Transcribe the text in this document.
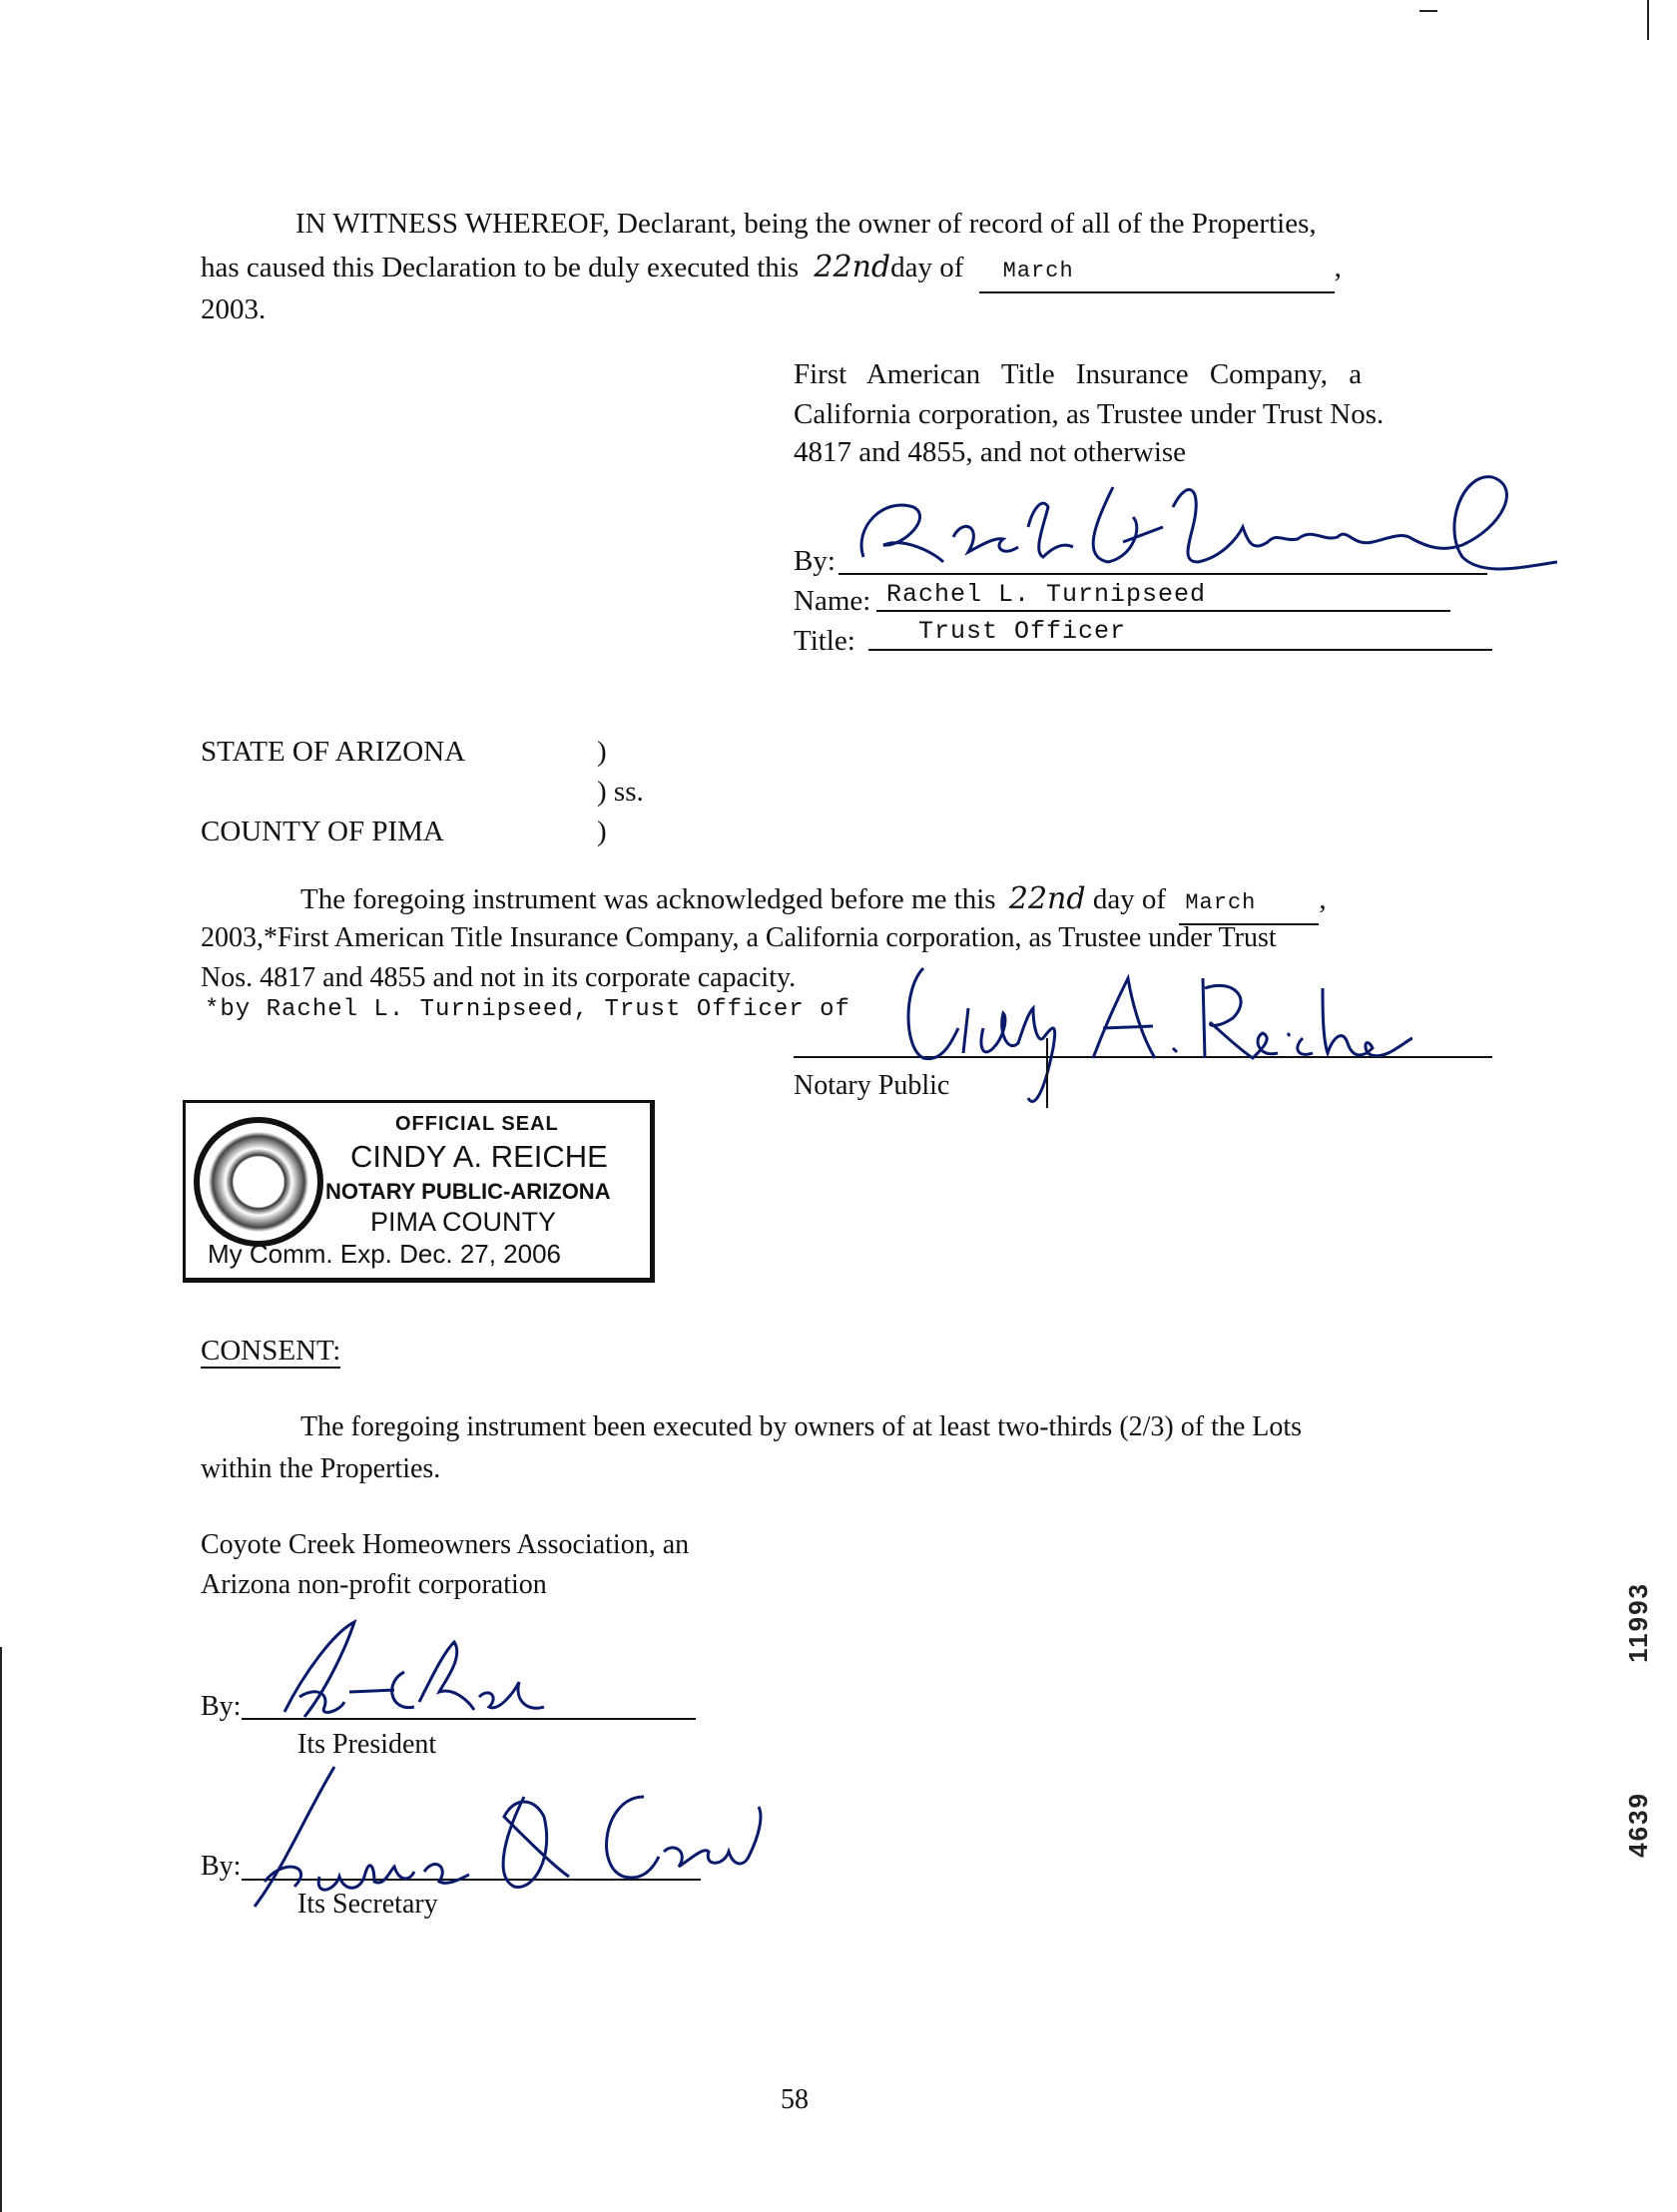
IN WITNESS WHEREOF, Declarant, being the owner of record of all of the Properties,
has caused this Declaration to be duly executed this 22ndday of March	,
2003.
First American Title Insurance Company, a
California corporation, as Trustee under Trust Nos.
4817 and 4855, and not otherwise
By:
Name: Rachel L. Turnipseed
Title:	Trust Officer
STATE OF ARIZONA	)
) ss.
COUNTY OF PIMA	)
The foregoing instrument was acknowledged before me this 22nd day of March ,
2003,*First American Title Insurance Company, a California corporation, as Trustee under Trust
Nos. 4817 and 4855 and not in its corporate capacity.
*by Rachel L. Turnipseed, Trust Officer of
Notary Public
OFFICIAL SEAL
CINDY A. REICHE
NOTARY PUBLIC-ARIZONA
PIMA COUNTY
My Comm. Exp. Dec. 27, 2006
CONSENT:
The foregoing instrument been executed by owners of at least two-thirds (2/3) of the Lots
within the Properties.
Coyote Creek Homeowners Association, an
Arizona non-profit corporation
By:
Its President
By:
Its Secretary
11993
4639
58
